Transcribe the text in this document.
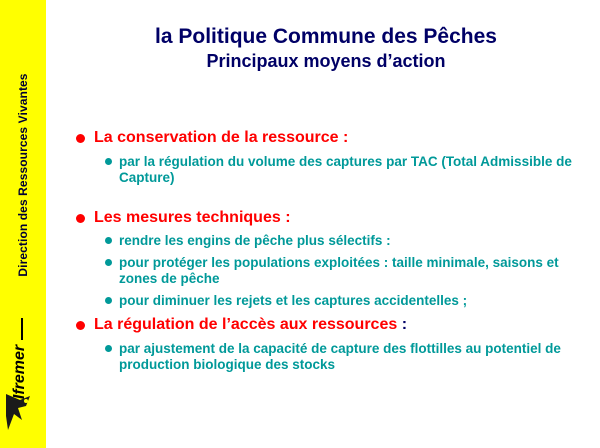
Direction des Ressources Vivantes
Ifremer
la Politique Commune des Pêches
Principaux moyens d’action
La conservation de la ressource :
par la régulation du volume des captures par TAC (Total Admissible de Capture)
Les mesures techniques :
rendre les engins de pêche plus sélectifs :
pour protéger les populations exploitées : taille minimale, saisons et zones de pêche
pour diminuer les rejets et les captures accidentelles ;
La régulation de l’accès aux ressources :
par ajustement de la capacité de capture des flottilles au potentiel de production biologique des stocks
